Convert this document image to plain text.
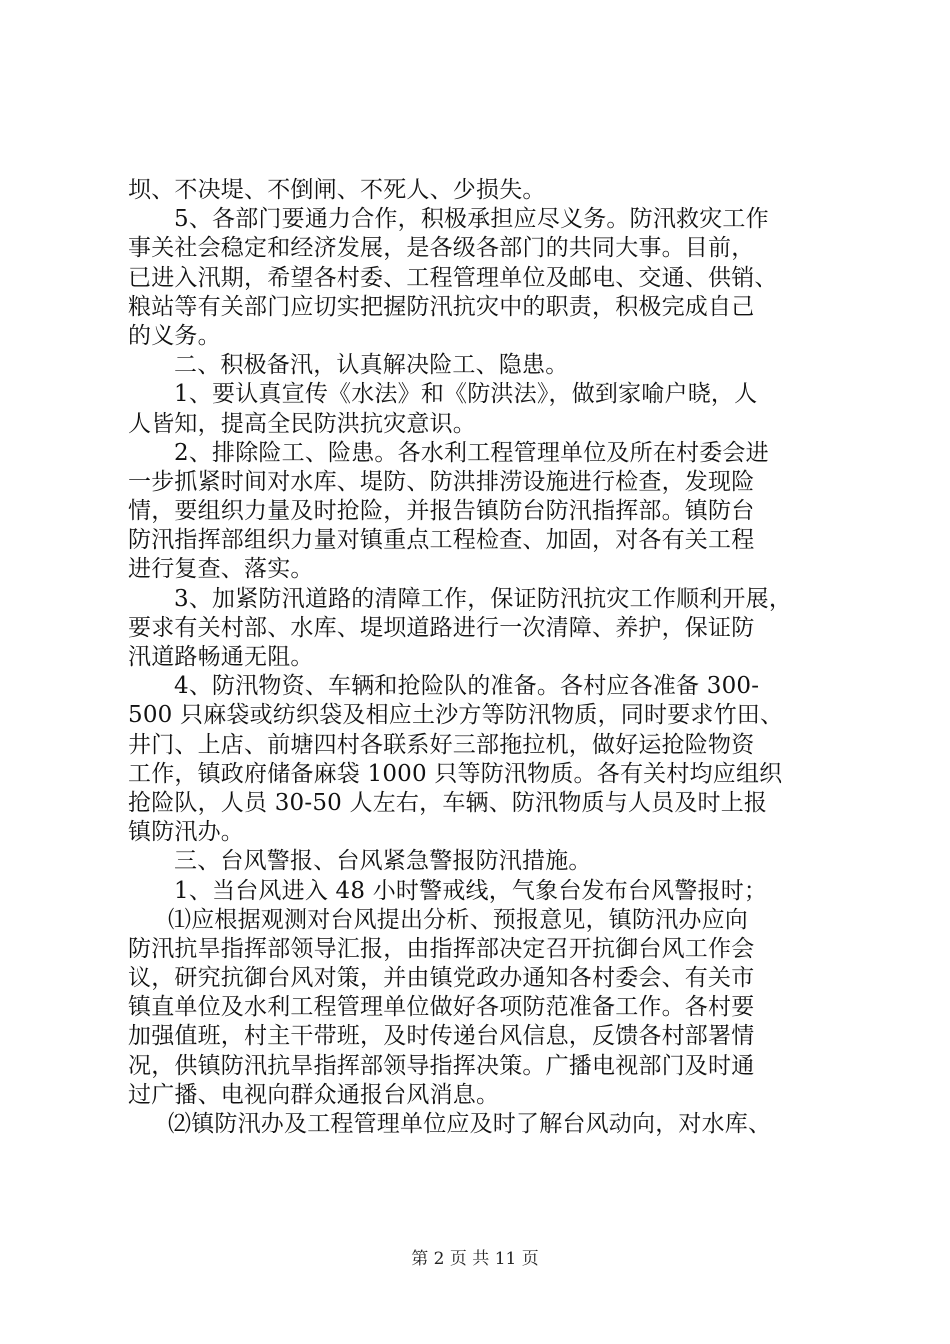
坝、不决堤、不倒闸、不死人、少损失。
5、各部门要通力合作，积极承担应尽义务。防汛救灾工作
事关社会稳定和经济发展，是各级各部门的共同大事。目前，
已进入汛期，希望各村委、工程管理单位及邮电、交通、供销、
粮站等有关部门应切实把握防汛抗灾中的职责，积极完成自己
的义务。
二、积极备汛，认真解决险工、隐患。
1、要认真宣传《水法》和《防洪法》，做到家喻户晓，人
人皆知，提高全民防洪抗灾意识。
2、排除险工、险患。各水利工程管理单位及所在村委会进
一步抓紧时间对水库、堤防、防洪排涝设施进行检查，发现险
情，要组织力量及时抢险，并报告镇防台防汛指挥部。镇防台
防汛指挥部组织力量对镇重点工程检查、加固，对各有关工程
进行复查、落实。
3、加紧防汛道路的清障工作，保证防汛抗灾工作顺利开展，
要求有关村部、水库、堤坝道路进行一次清障、养护，保证防
汛道路畅通无阻。
4、防汛物资、车辆和抢险队的准备。各村应各准备 300-
500 只麻袋或纺织袋及相应土沙方等防汛物质，同时要求竹田、
井门、上店、前塘四村各联系好三部拖拉机，做好运抢险物资
工作，镇政府储备麻袋 1000 只等防汛物质。各有关村均应组织
抢险队，人员 30-50 人左右，车辆、防汛物质与人员及时上报
镇防汛办。
三、台风警报、台风紧急警报防汛措施。
1、当台风进入 48 小时警戒线，气象台发布台风警报时；
⑴应根据观测对台风提出分析、预报意见，镇防汛办应向
防汛抗旱指挥部领导汇报，由指挥部决定召开抗御台风工作会
议，研究抗御台风对策，并由镇党政办通知各村委会、有关市
镇直单位及水利工程管理单位做好各项防范准备工作。各村要
加强值班，村主干带班，及时传递台风信息，反馈各村部署情
况，供镇防汛抗旱指挥部领导指挥决策。广播电视部门及时通
过广播、电视向群众通报台风消息。
⑵镇防汛办及工程管理单位应及时了解台风动向，对水库、
第 2 页 共 11 页
